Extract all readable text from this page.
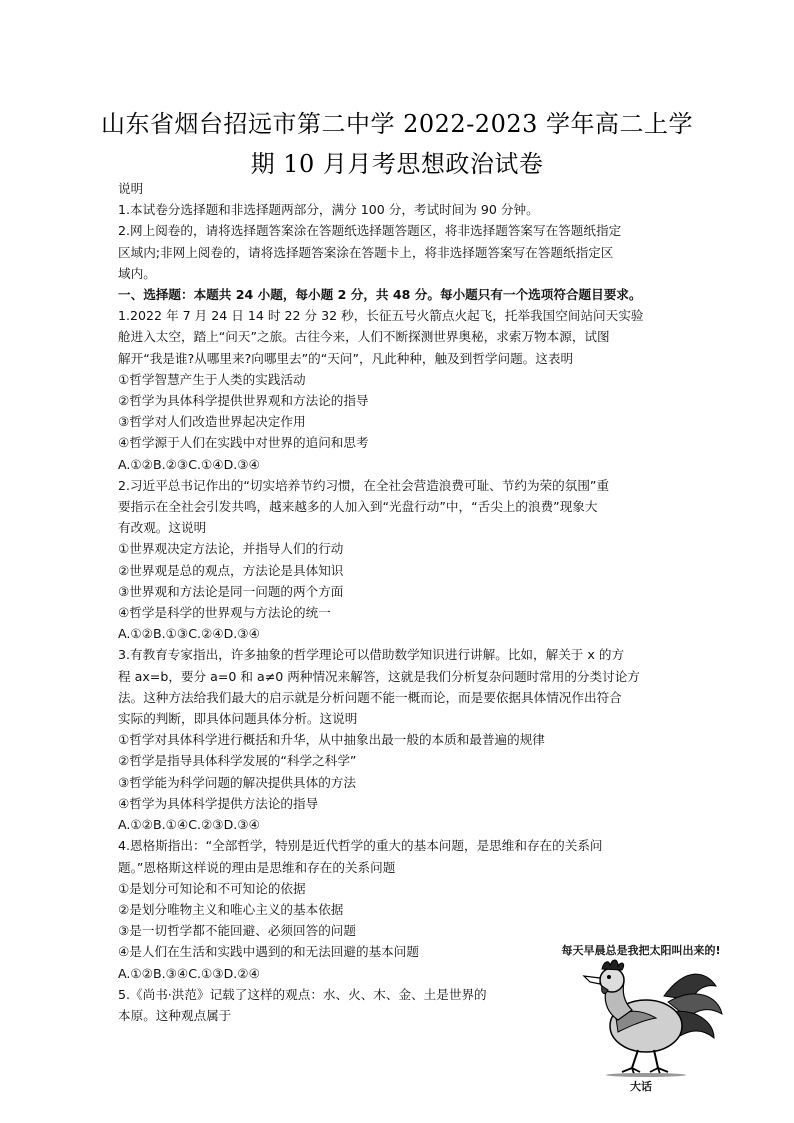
山东省烟台招远市第二中学 2022-2023 学年高二上学
期 10 月月考思想政治试卷

说明

1.本试卷分选择题和非选择题两部分，满分 100 分，考试时间为 90 分钟。

2.网上阅卷的，请将选择题答案涂在答题纸选择题答题区，将非选择题答案写在答题纸指定

区域内;非网上阅卷的，请将选择题答案涂在答题卡上，将非选择题答案写在答题纸指定区

域内。

一、选择题：本题共 24 小题，每小题 2 分，共 48 分。每小题只有一个选项符合题目要求。

1.2022 年 7 月 24 日 14 时 22 分 32 秒，长征五号火箭点火起飞，托举我国空间站问天实验

舱进入太空，踏上“问天”之旅。古往今来，人们不断探测世界奥秘，求索万物本源，试图

解开“我是谁?从哪里来?向哪里去”的“天问”，凡此种种，触及到哲学问题。这表明

①哲学智慧产生于人类的实践活动

②哲学为具体科学提供世界观和方法论的指导

③哲学对人们改造世界起决定作用

④哲学源于人们在实践中对世界的追问和思考

A.①②B.②③C.①④D.③④

2.习近平总书记作出的“切实培养节约习惯，在全社会营造浪费可耻、节约为荣的氛围”重

要指示在全社会引发共鸣，越来越多的人加入到“光盘行动”中，“舌尖上的浪费”现象大

有改观。这说明

①世界观决定方法论，并指导人们的行动

②世界观是总的观点，方法论是具体知识

③世界观和方法论是同一问题的两个方面

④哲学是科学的世界观与方法论的统一

A.①②B.①③C.②④D.③④

3.有教育专家指出，许多抽象的哲学理论可以借助数学知识进行讲解。比如，解关于 x 的方

程 ax=b，要分 a=0 和 a≠0 两种情况来解答，这就是我们分析复杂问题时常用的分类讨论方

法。这种方法给我们最大的启示就是分析问题不能一概而论，而是要依据具体情况作出符合

实际的判断，即具体问题具体分析。这说明

①哲学对具体科学进行概括和升华，从中抽象出最一般的本质和最普遍的规律

②哲学是指导具体科学发展的“科学之科学”

③哲学能为科学问题的解决提供具体的方法

④哲学为具体科学提供方法论的指导

A.①②B.①④C.②③D.③④

4.恩格斯指出：“全部哲学，特别是近代哲学的重大的基本问题，是思维和存在的关系问

题。”恩格斯这样说的理由是思维和存在的关系问题

①是划分可知论和不可知论的依据

②是划分唯物主义和唯心主义的基本依据

③是一切哲学都不能回避、必须回答的问题

④是人们在生活和实践中遇到的和无法回避的基本问题

A.①②B.③④C.①③D.②④

5.《尚书·洪范》记载了这样的观点：水、火、木、金、土是世界的

本原。这种观点属于

每天早晨总是我把太阳叫出来的!
大话
